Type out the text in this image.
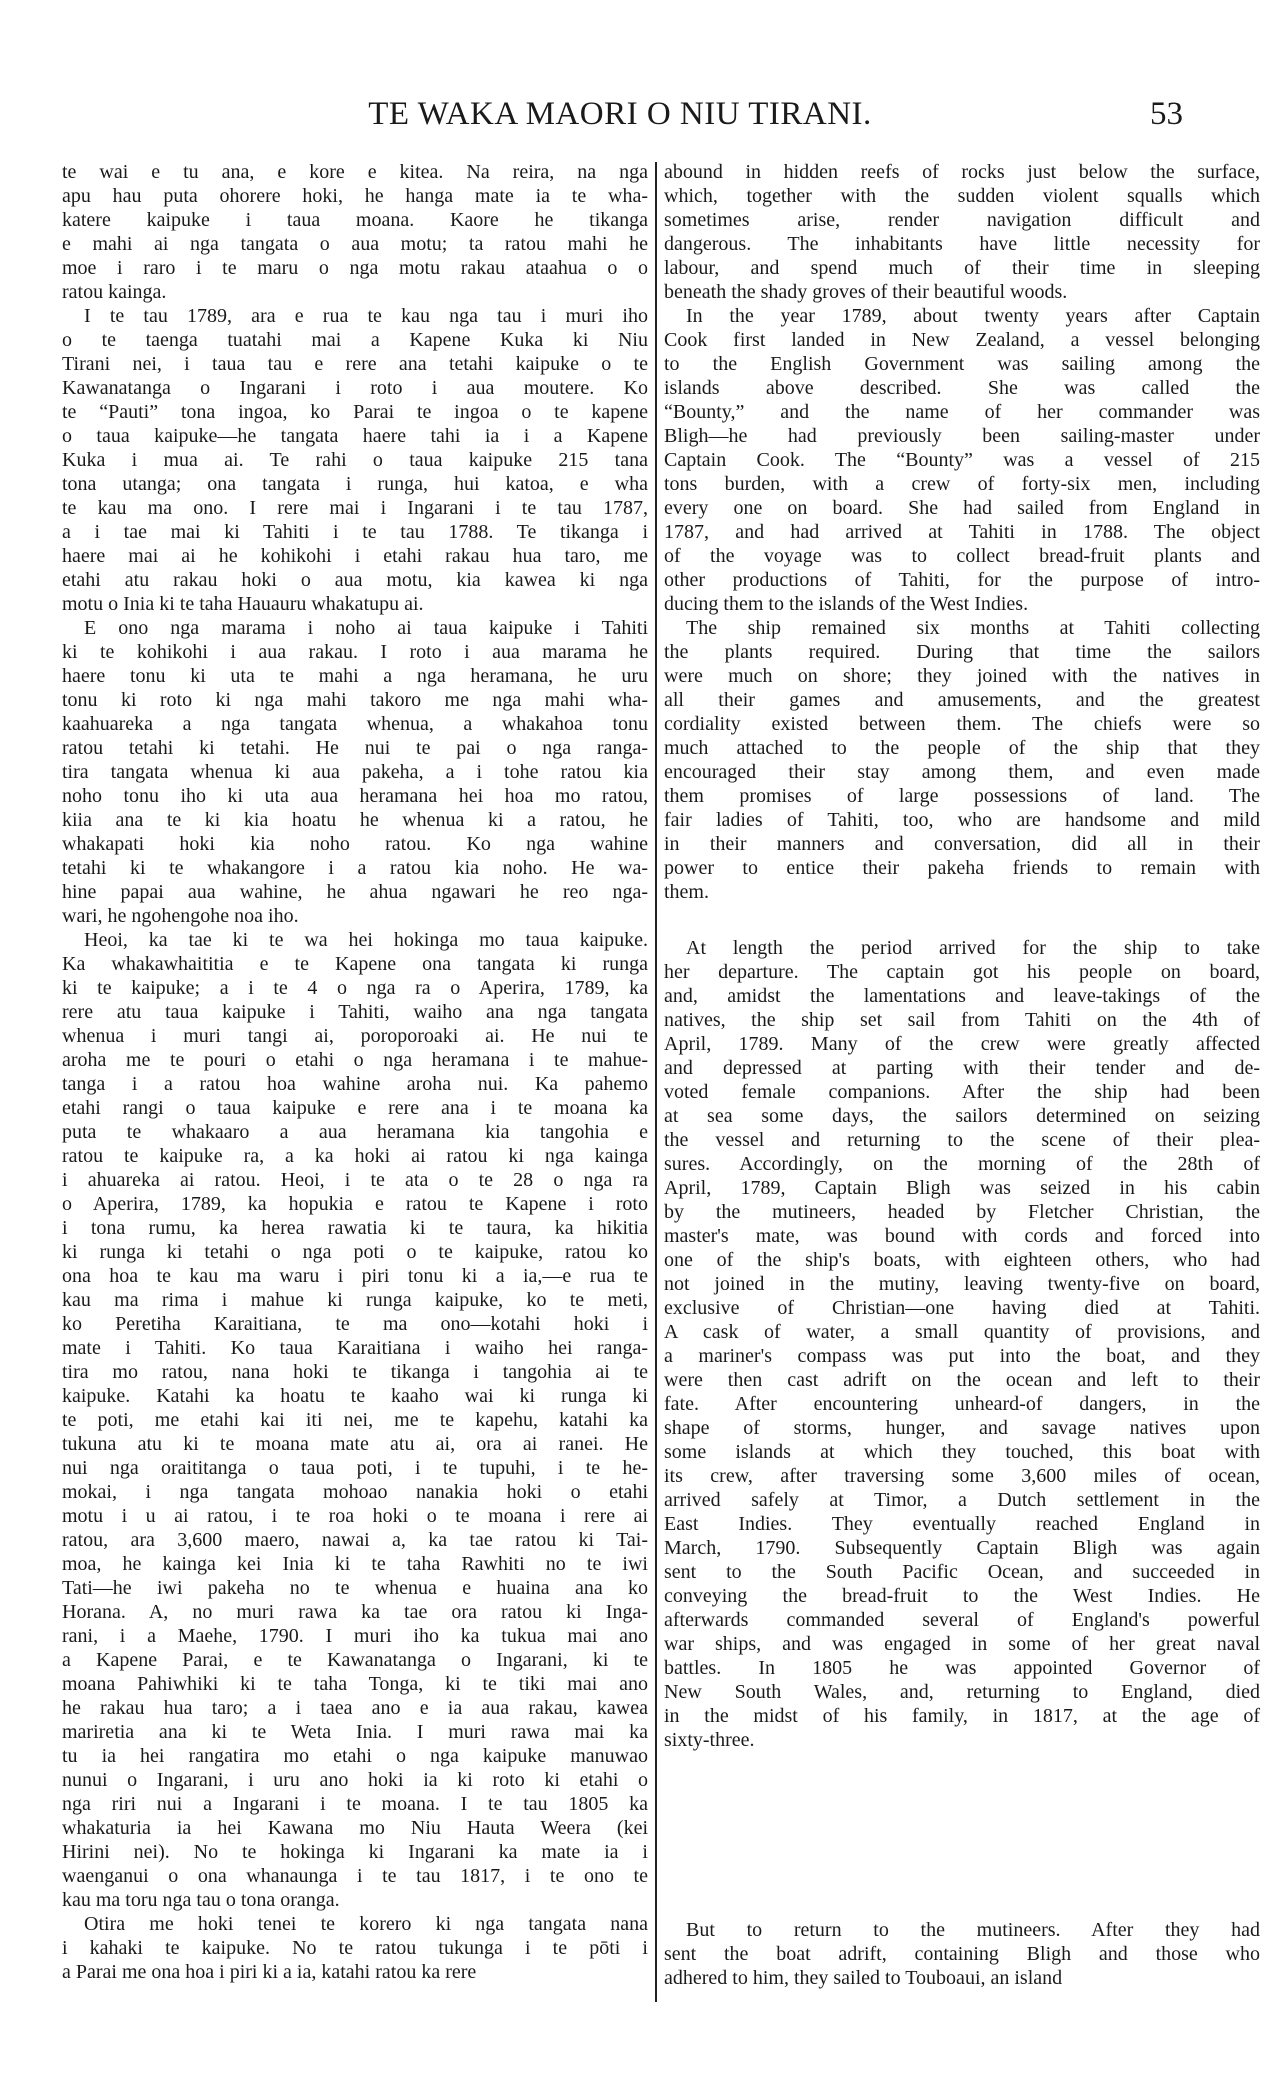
TE WAKA MAORI O NIU TIRANI.	53
te wai e tu ana, e kore e kitea. Na reira, na nga
apu hau puta ohorere hoki, he hanga mate ia te wha-
katere kaipuke i taua moana. Kaore he tikanga
e mahi ai nga tangata o aua motu; ta ratou mahi he
moe i raro i te maru o nga motu rakau ataahua o o
ratou kainga.
I te tau 1789, ara e rua te kau nga tau i muri iho
o te taenga tuatahi mai a Kapene Kuka ki Niu
Tirani nei, i taua tau e rere ana tetahi kaipuke o te
Kawanatanga o Ingarani i roto i aua moutere. Ko
te “Pauti” tona ingoa, ko Parai te ingoa o te kapene
o taua kaipuke—he tangata haere tahi ia i a Kapene
Kuka i mua ai. Te rahi o taua kaipuke 215 tana
tona utanga; ona tangata i runga, hui katoa, e wha
te kau ma ono. I rere mai i Ingarani i te tau 1787,
a i tae mai ki Tahiti i te tau 1788. Te tikanga i
haere mai ai he kohikohi i etahi rakau hua taro, me
etahi atu rakau hoki o aua motu, kia kawea ki nga
motu o Inia ki te taha Hauauru whakatupu ai.
E ono nga marama i noho ai taua kaipuke i Tahiti
ki te kohikohi i aua rakau. I roto i aua marama he
haere tonu ki uta te mahi a nga heramana, he uru
tonu ki roto ki nga mahi takoro me nga mahi wha-
kaahuareka a nga tangata whenua, a whakahoa tonu
ratou tetahi ki tetahi. He nui te pai o nga ranga-
tira tangata whenua ki aua pakeha, a i tohe ratou kia
noho tonu iho ki uta aua heramana hei hoa mo ratou,
kiia ana te ki kia hoatu he whenua ki a ratou, he
whakapati hoki kia noho ratou. Ko nga wahine
tetahi ki te whakangore i a ratou kia noho. He wa-
hine papai aua wahine, he ahua ngawari he reo nga-
wari, he ngohengohe noa iho.
Heoi, ka tae ki te wa hei hokinga mo taua kaipuke.
Ka whakawhaititia e te Kapene ona tangata ki runga
ki te kaipuke; a i te 4 o nga ra o Aperira, 1789, ka
rere atu taua kaipuke i Tahiti, waiho ana nga tangata
whenua i muri tangi ai, poroporoaki ai. He nui te
aroha me te pouri o etahi o nga heramana i te mahue-
tanga i a ratou hoa wahine aroha nui. Ka pahemo
etahi rangi o taua kaipuke e rere ana i te moana ka
puta te whakaaro a aua heramana kia tangohia e
ratou te kaipuke ra, a ka hoki ai ratou ki nga kainga
i ahuareka ai ratou. Heoi, i te ata o te 28 o nga ra
o Aperira, 1789, ka hopukia e ratou te Kapene i roto
i tona rumu, ka herea rawatia ki te taura, ka hikitia
ki runga ki tetahi o nga poti o te kaipuke, ratou ko
ona hoa te kau ma waru i piri tonu ki a ia,—e rua te
kau ma rima i mahue ki runga kaipuke, ko te meti,
ko Peretiha Karaitiana, te ma ono—kotahi hoki i
mate i Tahiti. Ko taua Karaitiana i waiho hei ranga-
tira mo ratou, nana hoki te tikanga i tangohia ai te
kaipuke. Katahi ka hoatu te kaaho wai ki runga ki
te poti, me etahi kai iti nei, me te kapehu, katahi ka
tukuna atu ki te moana mate atu ai, ora ai ranei. He
nui nga oraititanga o taua poti, i te tupuhi, i te he-
mokai, i nga tangata mohoao nanakia hoki o etahi
motu i u ai ratou, i te roa hoki o te moana i rere ai
ratou, ara 3,600 maero, nawai a, ka tae ratou ki Tai-
moa, he kainga kei Inia ki te taha Rawhiti no te iwi
Tati—he iwi pakeha no te whenua e huaina ana ko
Horana. A, no muri rawa ka tae ora ratou ki Inga-
rani, i a Maehe, 1790. I muri iho ka tukua mai ano
a Kapene Parai, e te Kawanatanga o Ingarani, ki te
moana Pahiwhiki ki te taha Tonga, ki te tiki mai ano
he rakau hua taro; a i taea ano e ia aua rakau, kawea
mariretia ana ki te Weta Inia. I muri rawa mai ka
tu ia hei rangatira mo etahi o nga kaipuke manuwao
nunui o Ingarani, i uru ano hoki ia ki roto ki etahi o
nga riri nui a Ingarani i te moana. I te tau 1805 ka
whakaturia ia hei Kawana mo Niu Hauta Weera (kei
Hirini nei). No te hokinga ki Ingarani ka mate ia i
waenganui o ona whanaunga i te tau 1817, i te ono te
kau ma toru nga tau o tona oranga.
Otira me hoki tenei te korero ki nga tangata nana
i kahaki te kaipuke. No te ratou tukunga i te pōti i
a Parai me ona hoa i piri ki a ia, katahi ratou ka rere
abound in hidden reefs of rocks just below the surface,
which, together with the sudden violent squalls which
sometimes arise, render navigation difficult and
dangerous. The inhabitants have little necessity for
labour, and spend much of their time in sleeping
beneath the shady groves of their beautiful woods.
In the year 1789, about twenty years after Captain
Cook first landed in New Zealand, a vessel belonging
to the English Government was sailing among the
islands above described. She was called the
“Bounty,” and the name of her commander was
Bligh—he had previously been sailing-master under
Captain Cook. The “Bounty” was a vessel of 215
tons burden, with a crew of forty-six men, including
every one on board. She had sailed from England in
1787, and had arrived at Tahiti in 1788. The object
of the voyage was to collect bread-fruit plants and
other productions of Tahiti, for the purpose of intro-
ducing them to the islands of the West Indies.
The ship remained six months at Tahiti collecting
the plants required. During that time the sailors
were much on shore; they joined with the natives in
all their games and amusements, and the greatest
cordiality existed between them. The chiefs were so
much attached to the people of the ship that they
encouraged their stay among them, and even made
them promises of large possessions of land. The
fair ladies of Tahiti, too, who are handsome and mild
in their manners and conversation, did all in their
power to entice their pakeha friends to remain with
them.
At length the period arrived for the ship to take
her departure. The captain got his people on board,
and, amidst the lamentations and leave-takings of the
natives, the ship set sail from Tahiti on the 4th of
April, 1789. Many of the crew were greatly affected
and depressed at parting with their tender and de-
voted female companions. After the ship had been
at sea some days, the sailors determined on seizing
the vessel and returning to the scene of their plea-
sures. Accordingly, on the morning of the 28th of
April, 1789, Captain Bligh was seized in his cabin
by the mutineers, headed by Fletcher Christian, the
master's mate, was bound with cords and forced into
one of the ship's boats, with eighteen others, who had
not joined in the mutiny, leaving twenty-five on board,
exclusive of Christian—one having died at Tahiti.
A cask of water, a small quantity of provisions, and
a mariner's compass was put into the boat, and they
were then cast adrift on the ocean and left to their
fate. After encountering unheard-of dangers, in the
shape of storms, hunger, and savage natives upon
some islands at which they touched, this boat with
its crew, after traversing some 3,600 miles of ocean,
arrived safely at Timor, a Dutch settlement in the
East Indies. They eventually reached England in
March, 1790. Subsequently Captain Bligh was again
sent to the South Pacific Ocean, and succeeded in
conveying the bread-fruit to the West Indies. He
afterwards commanded several of England's powerful
war ships, and was engaged in some of her great naval
battles. In 1805 he was appointed Governor of
New South Wales, and, returning to England, died
in the midst of his family, in 1817, at the age of
sixty-three.
But to return to the mutineers. After they had
sent the boat adrift, containing Bligh and those who
adhered to him, they sailed to Touboaui, an island
